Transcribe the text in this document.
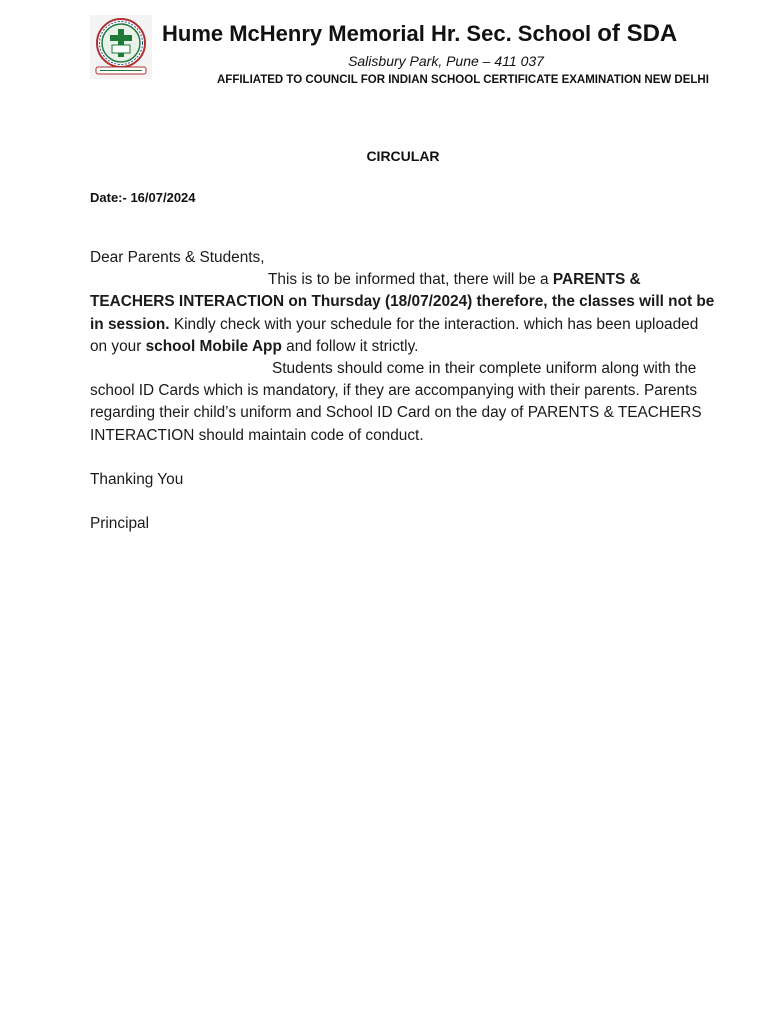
Hume McHenry Memorial Hr. Sec. School of SDA
Salisbury Park, Pune – 411 037
AFFILIATED TO COUNCIL FOR INDIAN SCHOOL CERTIFICATE EXAMINATION NEW DELHI
CIRCULAR
Date:- 16/07/2024

Dear Parents & Students,

This is to be informed that, there will be a PARENTS & TEACHERS INTERACTION on Thursday (18/07/2024) therefore, the classes will not be in session. Kindly check with your schedule for the interaction. which has been uploaded on your school Mobile App and follow it strictly.

Students should come in their complete uniform along with the school ID Cards which is mandatory, if they are accompanying with their parents. Parents regarding their child’s uniform and School ID Card on the day of PARENTS & TEACHERS INTERACTION should maintain code of conduct.

Thanking You

Principal
